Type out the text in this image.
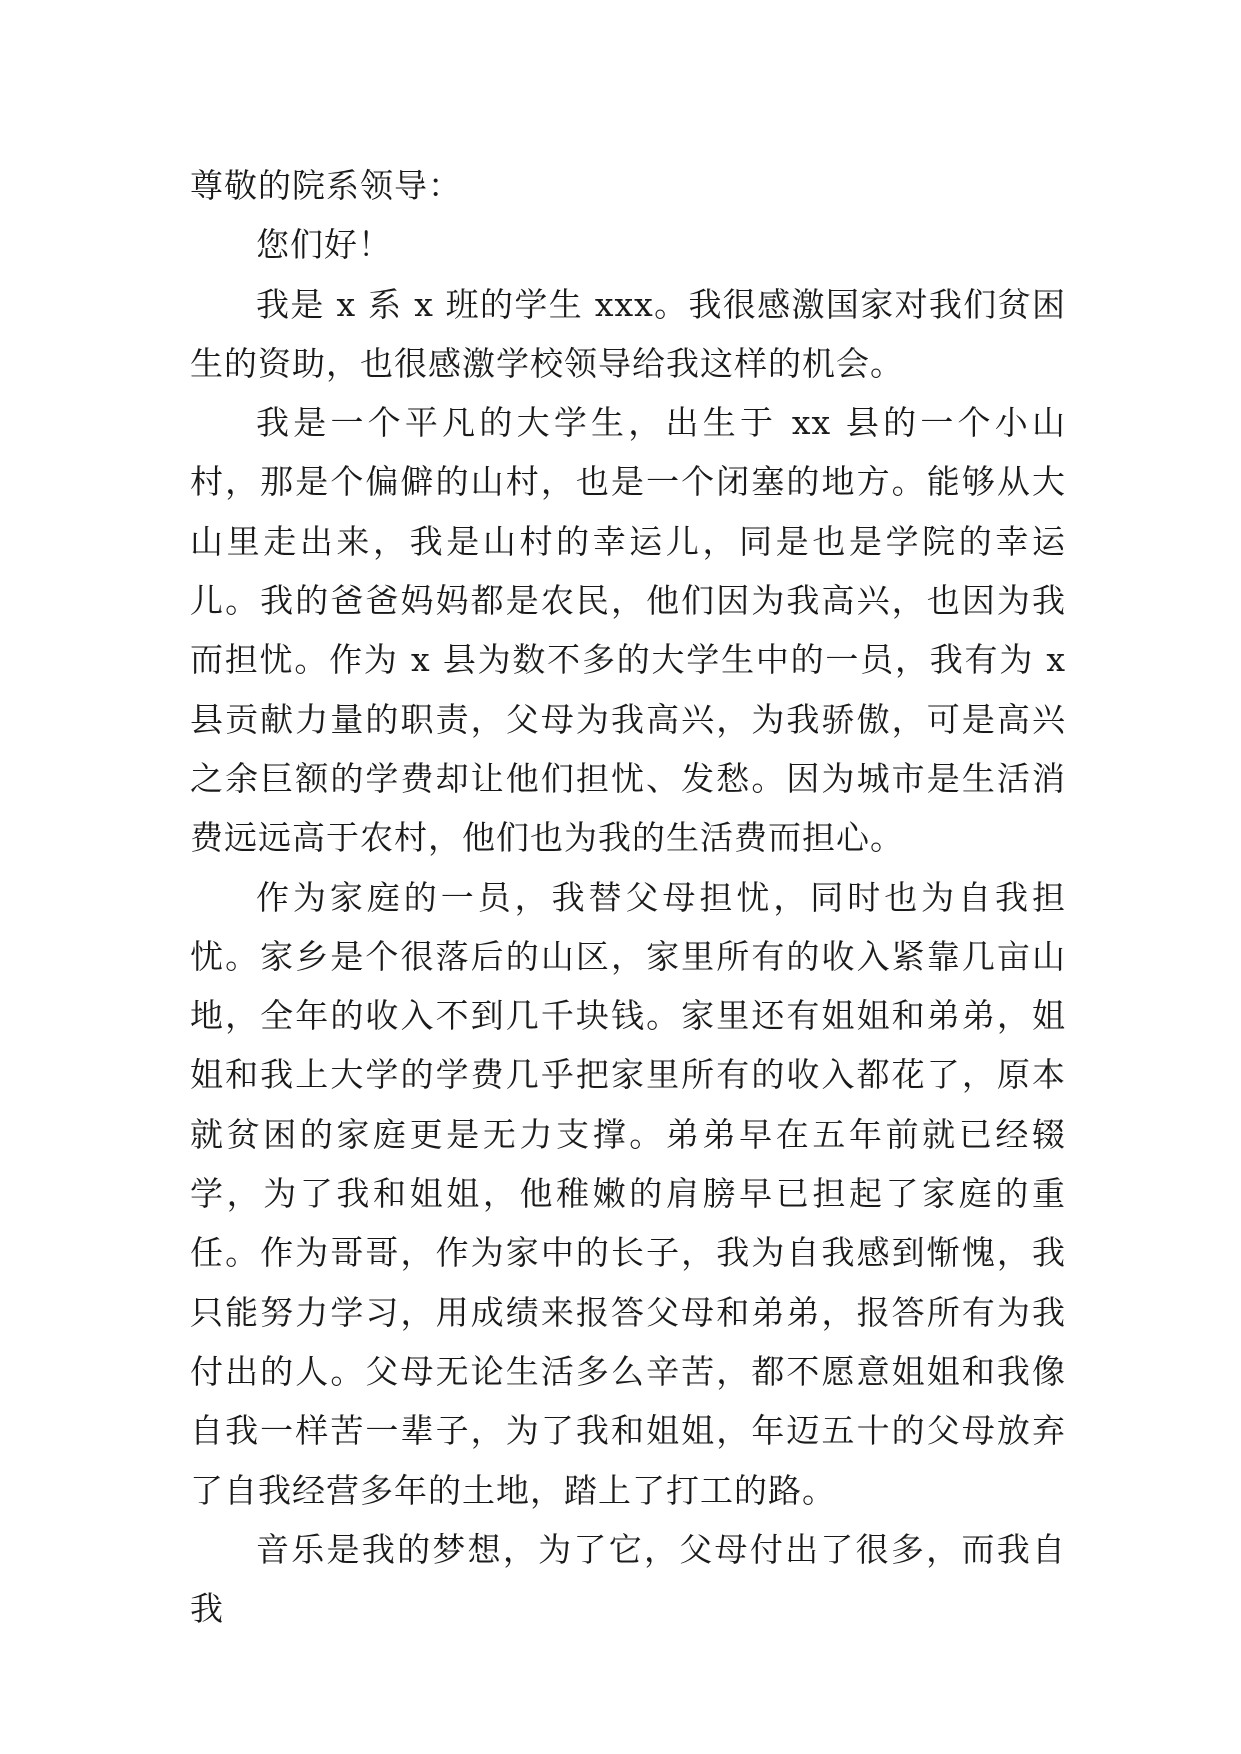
尊敬的院系领导：

您们好！

我是 x 系 x 班的学生 xxx。我很感激国家对我们贫困生的资助，也很感激学校领导给我这样的机会。

我是一个平凡的大学生，出生于 xx 县的一个小山村，那是个偏僻的山村，也是一个闭塞的地方。能够从大山里走出来，我是山村的幸运儿，同是也是学院的幸运儿。我的爸爸妈妈都是农民，他们因为我高兴，也因为我而担忧。作为 x 县为数不多的大学生中的一员，我有为 x 县贡献力量的职责，父母为我高兴，为我骄傲，可是高兴之余巨额的学费却让他们担忧、发愁。因为城市是生活消费远远高于农村，他们也为我的生活费而担心。

作为家庭的一员，我替父母担忧，同时也为自我担忧。家乡是个很落后的山区，家里所有的收入紧靠几亩山地，全年的收入不到几千块钱。家里还有姐姐和弟弟，姐姐和我上大学的学费几乎把家里所有的收入都花了，原本就贫困的家庭更是无力支撑。弟弟早在五年前就已经辍学，为了我和姐姐，他稚嫩的肩膀早已担起了家庭的重任。作为哥哥，作为家中的长子，我为自我感到惭愧，我只能努力学习，用成绩来报答父母和弟弟，报答所有为我付出的人。父母无论生活多么辛苦，都不愿意姐姐和我像自我一样苦一辈子，为了我和姐姐，年迈五十的父母放弃了自我经营多年的土地，踏上了打工的路。

音乐是我的梦想，为了它，父母付出了很多，而我自我
